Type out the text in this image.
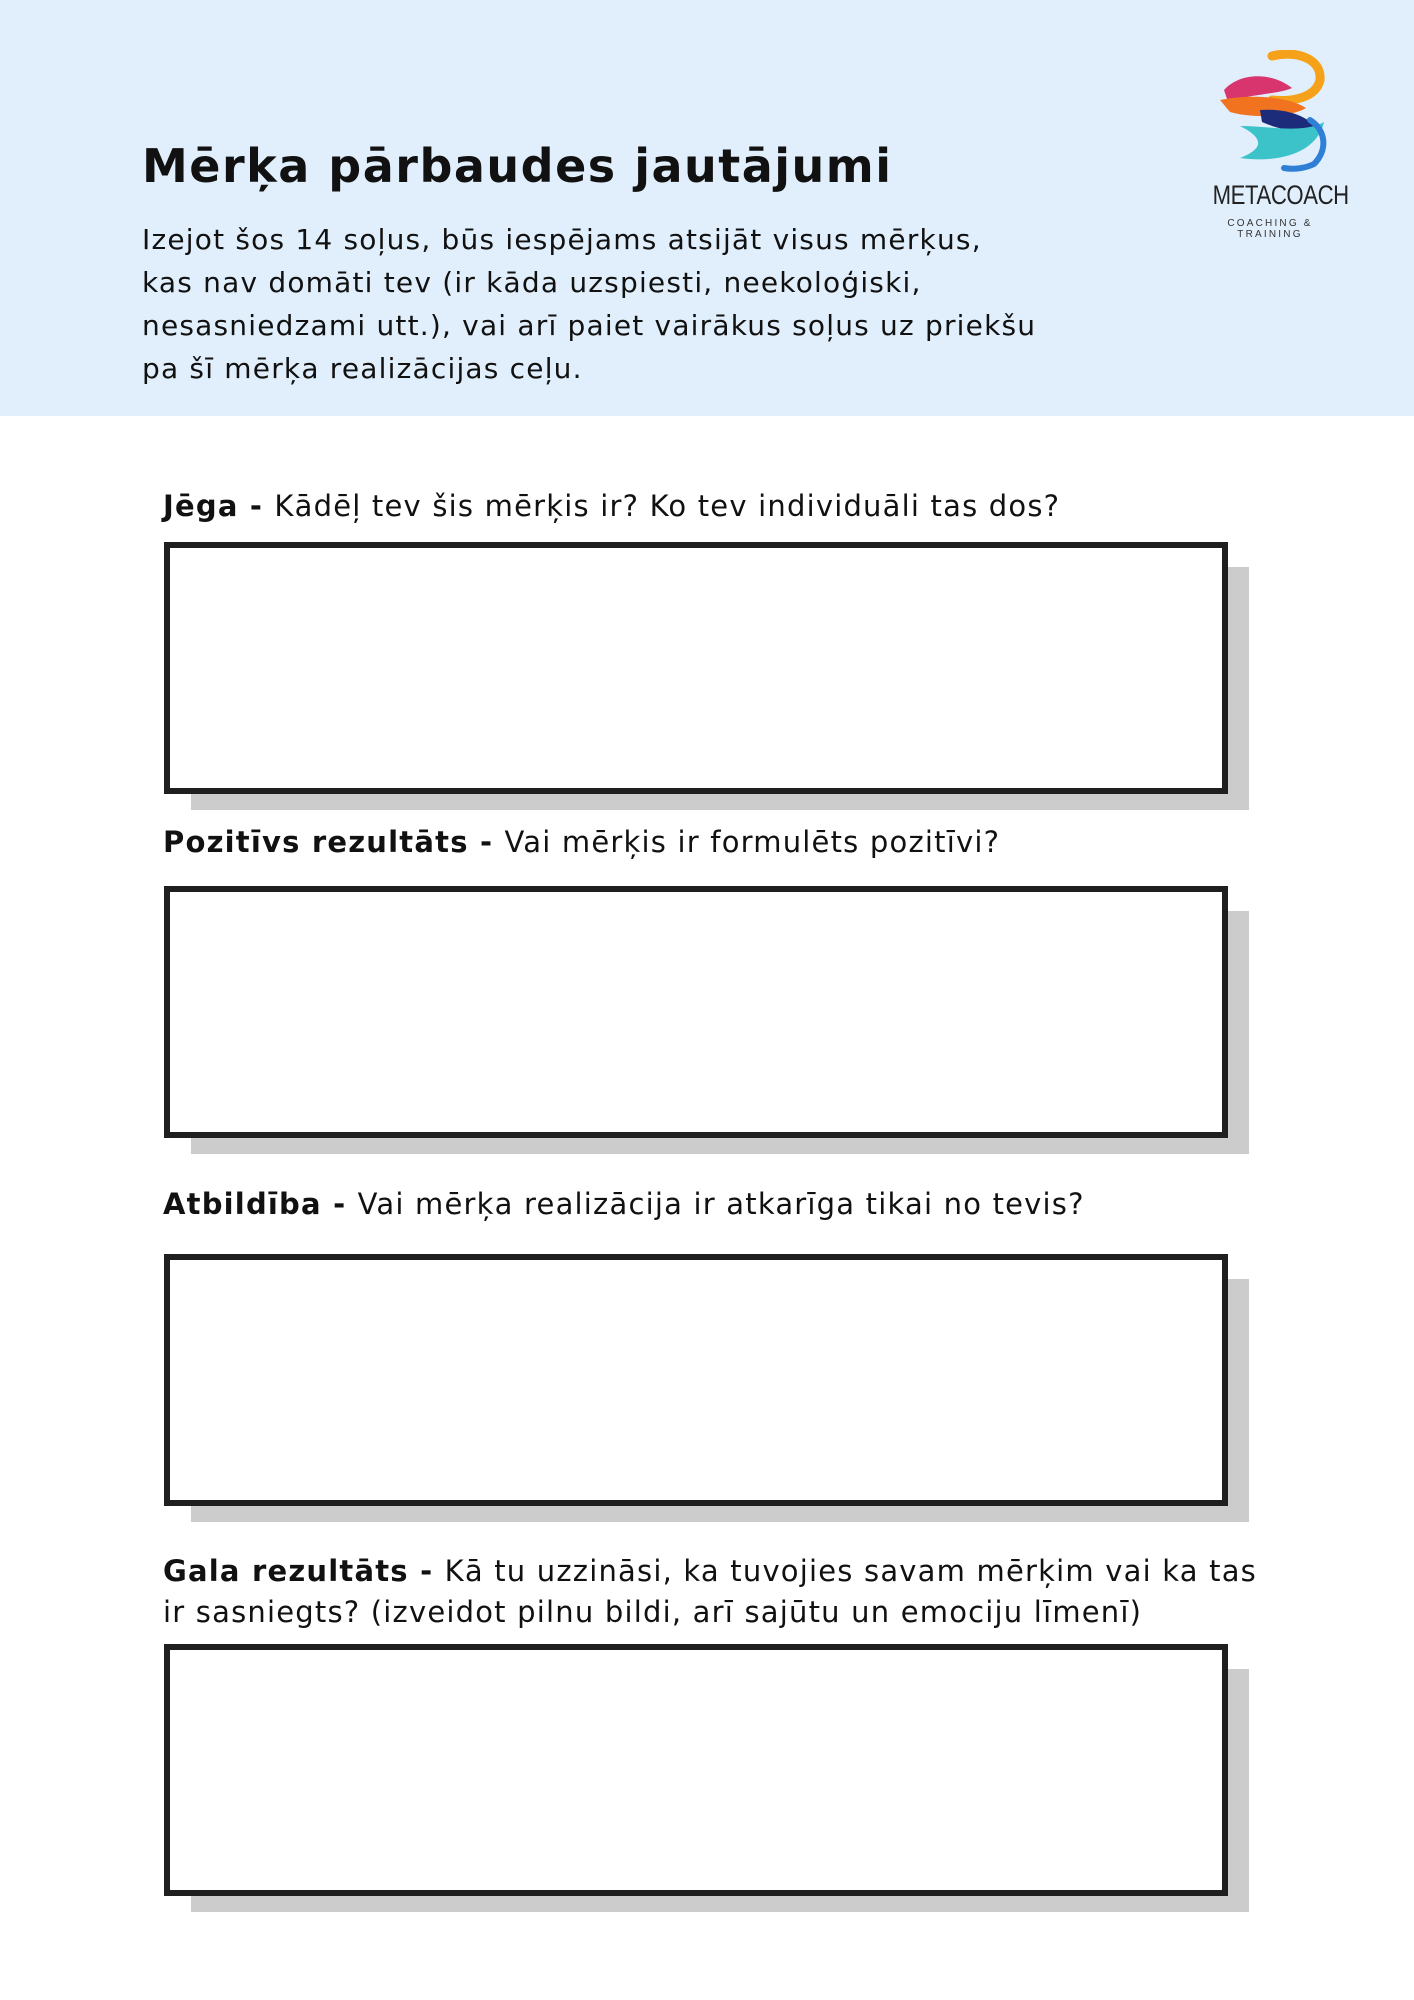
Mērķa pārbaudes jautājumi

Izejot šos 14 soļus, būs iespējams atsijāt visus mērķus,
kas nav domāti tev (ir kāda uzspiesti, neekoloģiski,
nesasniedzami utt.), vai arī paiet vairākus soļus uz priekšu
pa šī mērķa realizācijas ceļu.

METACOACH
COACHING & TRAINING

Jēga - Kādēļ tev šis mērķis ir? Ko tev individuāli tas dos?

Pozitīvs rezultāts - Vai mērķis ir formulēts pozitīvi?

Atbildība - Vai mērķa realizācija ir atkarīga tikai no tevis?

Gala rezultāts - Kā tu uzzināsi, ka tuvojies savam mērķim vai ka tas
ir sasniegts? (izveidot pilnu bildi, arī sajūtu un emociju līmenī)
